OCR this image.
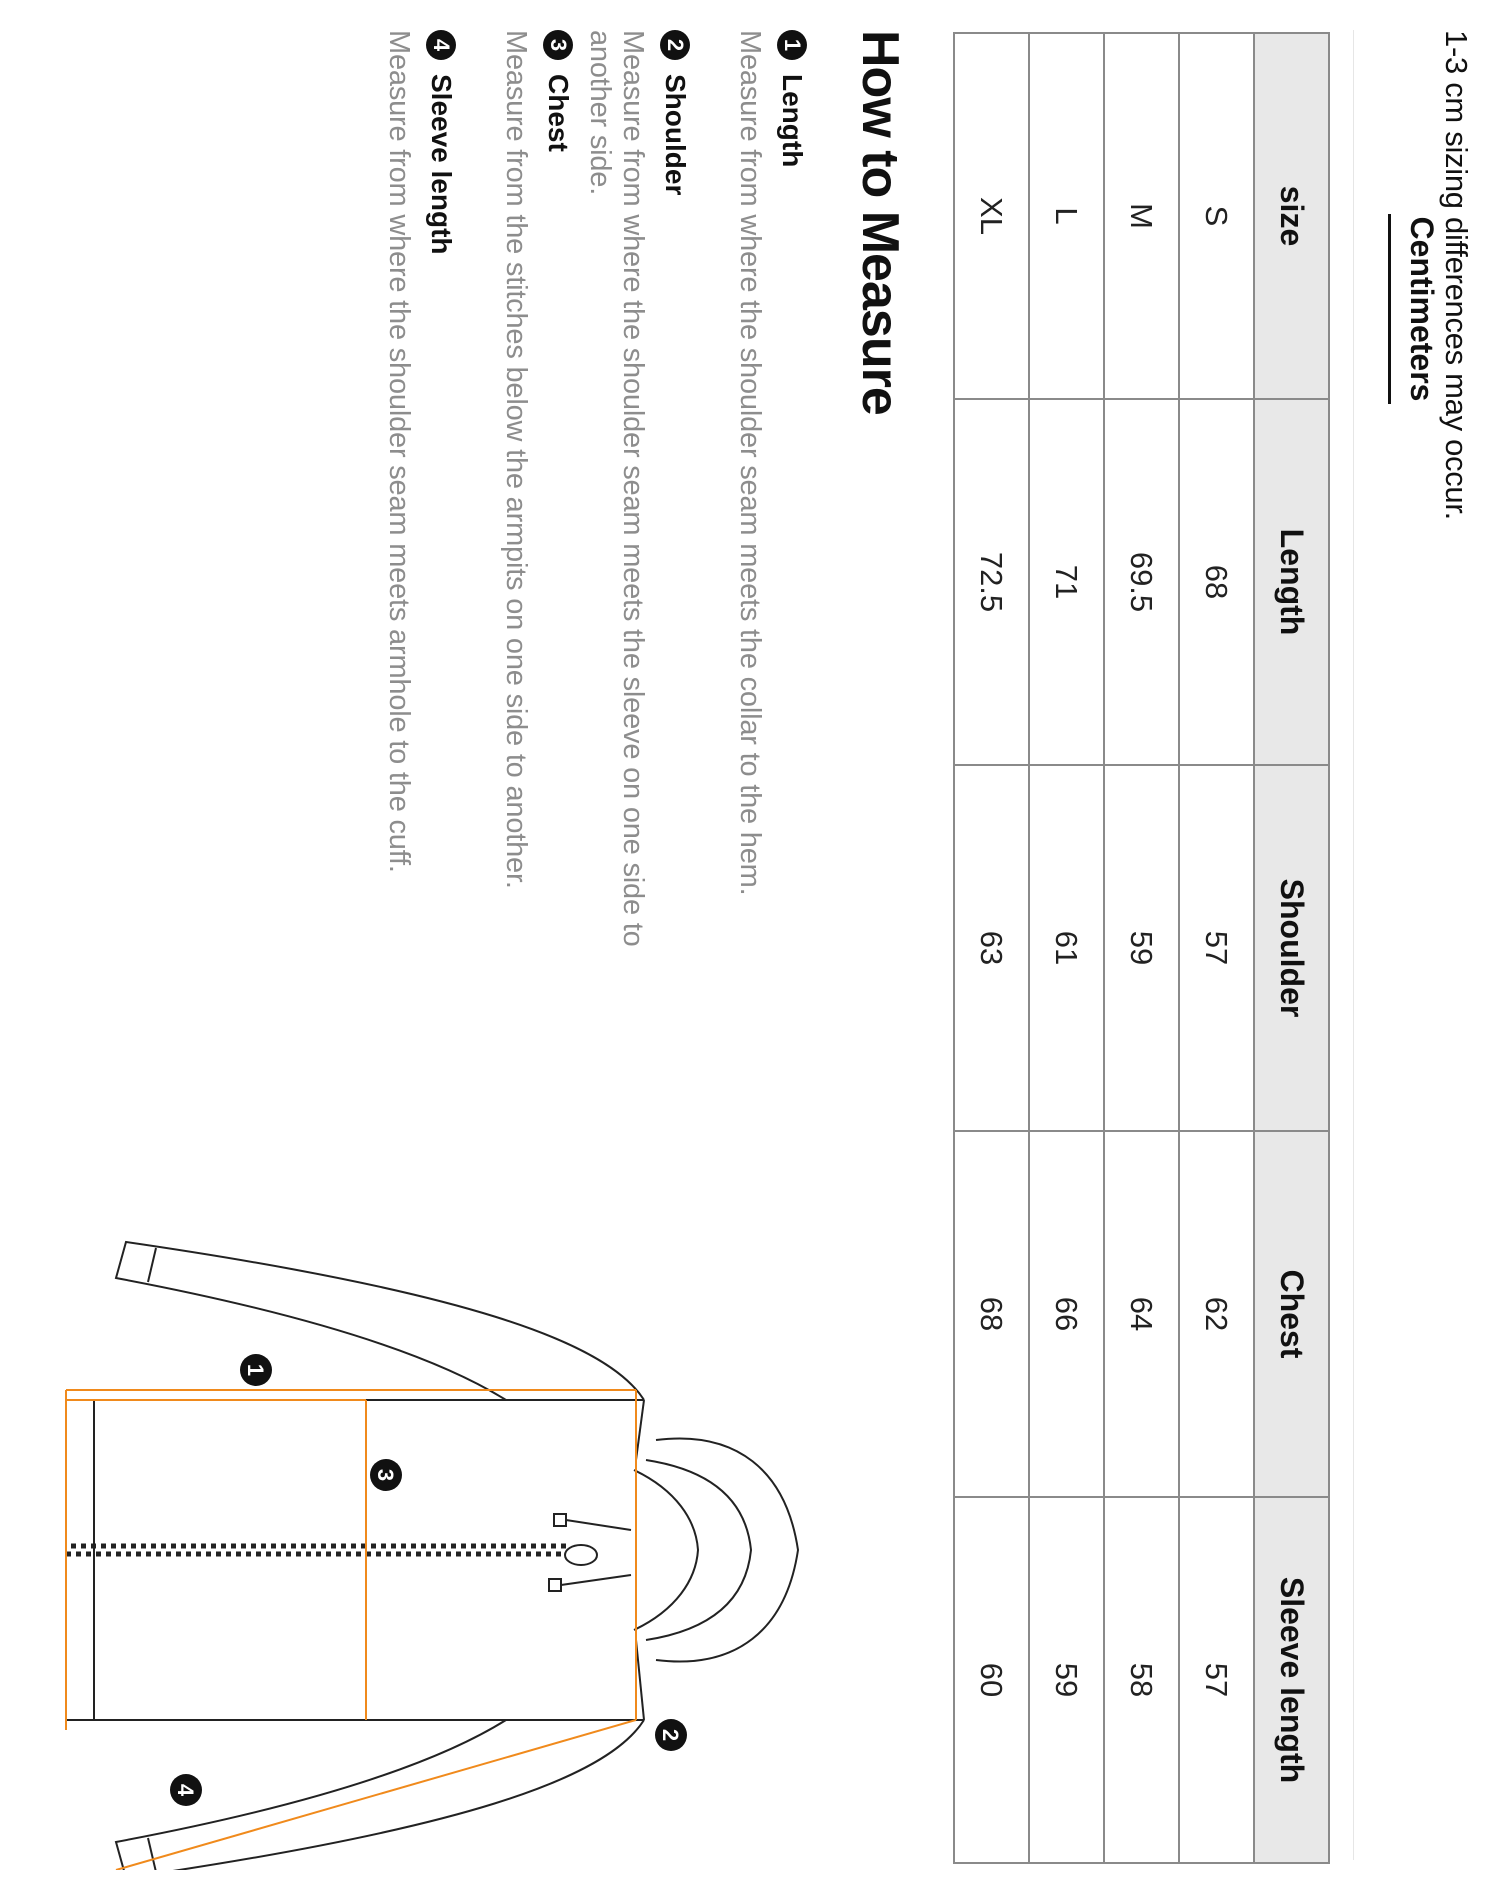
1-3 cm sizing differences may occur.
Centimeters
size	Length	Shoulder	Chest	Sleeve length
S	68	57	62	57
M	69.5	59	64	58
L	71	61	66	59
XL	72.5	63	68	60
How to Measure
1
Length
Measure from where the shoulder seam meets the collar to the hem.
2
Shoulder
Measure from where the shoulder seam meets the sleeve on one side to another side.
3
Chest
Measure from the stitches below the armpits on one side to another.
4
Sleeve length
Measure from where the shoulder seam meets armhole to the cuff.
1
2
3
4
